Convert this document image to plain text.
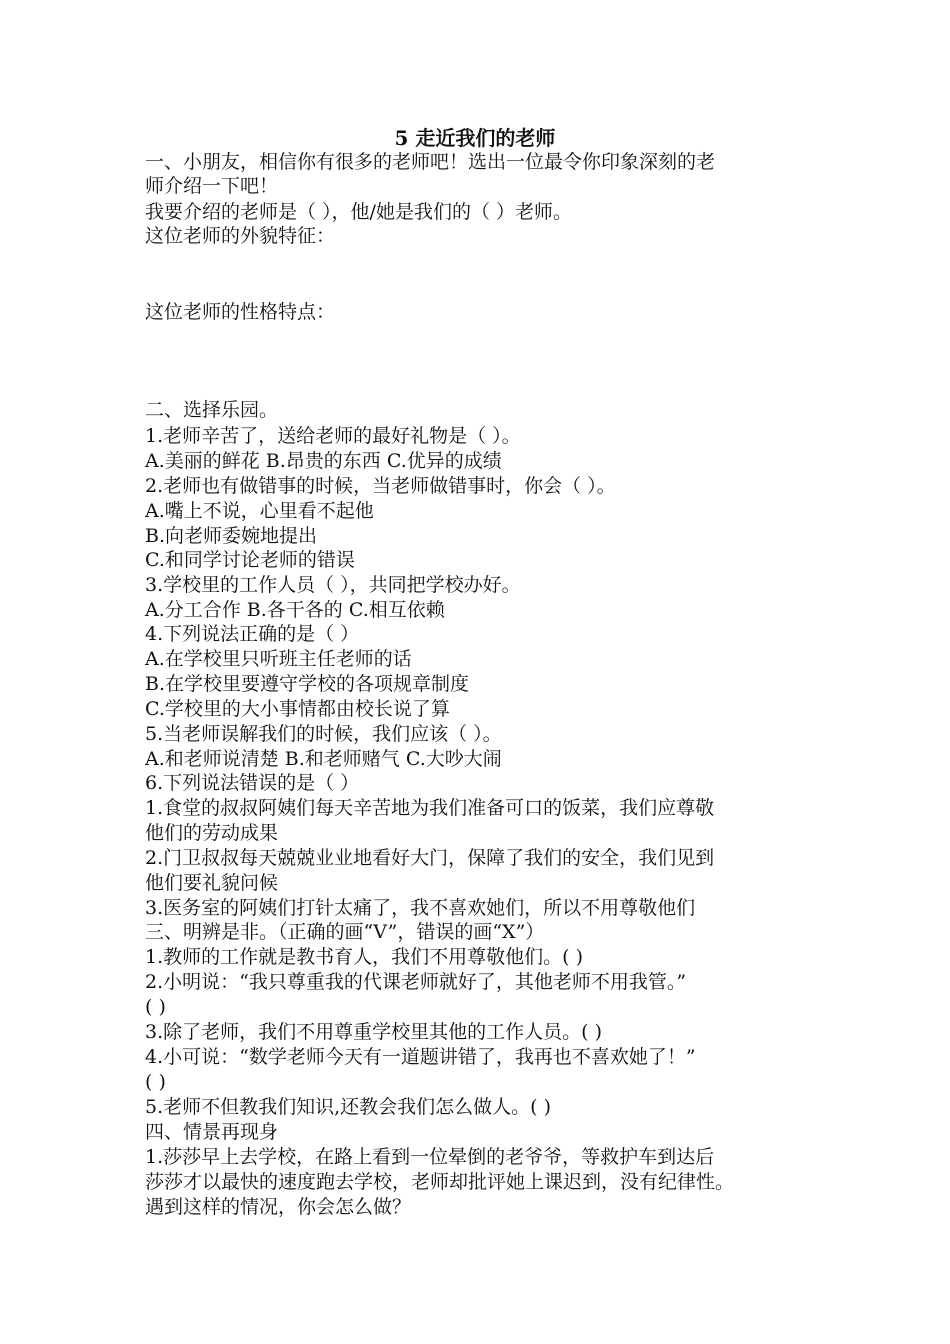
5 走近我们的老师
一、小朋友，相信你有很多的老师吧！选出一位最令你印象深刻的老
师介绍一下吧！
我要介绍的老师是（ ），他/她是我们的（ ）老师。
这位老师的外貌特征：
这位老师的性格特点：
二、选择乐园。
1.老师辛苦了，送给老师的最好礼物是（ ）。
A.美丽的鲜花 B.昂贵的东西 C.优异的成绩
2.老师也有做错事的时候，当老师做错事时，你会（ ）。
A.嘴上不说，心里看不起他
B.向老师委婉地提出
C.和同学讨论老师的错误
3.学校里的工作人员（ ），共同把学校办好。
A.分工合作 B.各干各的 C.相互依赖
4.下列说法正确的是（ ）
A.在学校里只听班主任老师的话
B.在学校里要遵守学校的各项规章制度
C.学校里的大小事情都由校长说了算
5.当老师误解我们的时候，我们应该（ ）。
A.和老师说清楚 B.和老师赌气 C.大吵大闹
6.下列说法错误的是（ ）
1.食堂的叔叔阿姨们每天辛苦地为我们准备可口的饭菜，我们应尊敬
他们的劳动成果
2.门卫叔叔每天兢兢业业地看好大门，保障了我们的安全，我们见到
他们要礼貌问候
3.医务室的阿姨们打针太痛了，我不喜欢她们，所以不用尊敬他们
三、明辨是非。（正确的画“V”，错误的画“X”）
1.教师的工作就是教书育人，我们不用尊敬他们。( )
2.小明说：“我只尊重我的代课老师就好了，其他老师不用我管。”
( )
3.除了老师，我们不用尊重学校里其他的工作人员。( )
4.小可说：“数学老师今天有一道题讲错了，我再也不喜欢她了！”
( )
5.老师不但教我们知识,还教会我们怎么做人。( )
四、情景再现身
1.莎莎早上去学校，在路上看到一位晕倒的老爷爷，等救护车到达后
莎莎才以最快的速度跑去学校，老师却批评她上课迟到，没有纪律性。
遇到这样的情况，你会怎么做？
